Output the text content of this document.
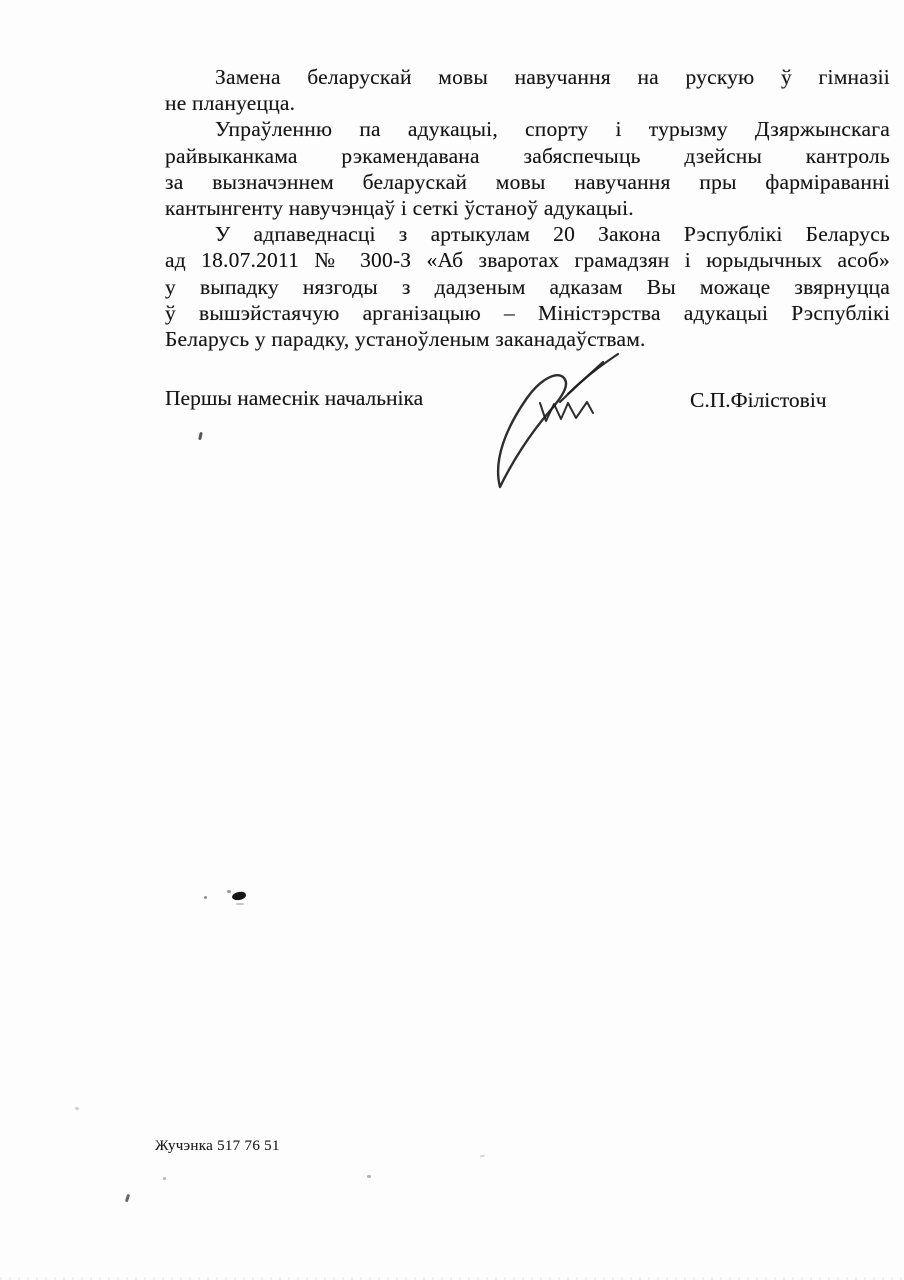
Замена беларускай мовы навучання на рускую ў гімназіі
не плануецца.
Упраўленню па адукацыі, спорту і турызму Дзяржынскага
райвыканкама рэкамендавана забяспечыць дзейсны кантроль
за вызначэннем беларускай мовы навучання пры фарміраванні
кантынгенту навучэнцаў і сеткі ўстаноў адукацыі.
У адпаведнасці з артыкулам 20 Закона Рэспублікі Беларусь
ад 18.07.2011 № 300-З «Аб зваротах грамадзян і юрыдычных асоб»
у выпадку нязгоды з дадзеным адказам Вы можаце звярнуцца
ў вышэйстаячую арганізацыю – Міністэрства адукацыі Рэспублікі
Беларусь у парадку, устаноўленым заканадаўствам.
Першы намеснік начальніка	С.П.Філістовіч
Жучэнка 517 76 51
